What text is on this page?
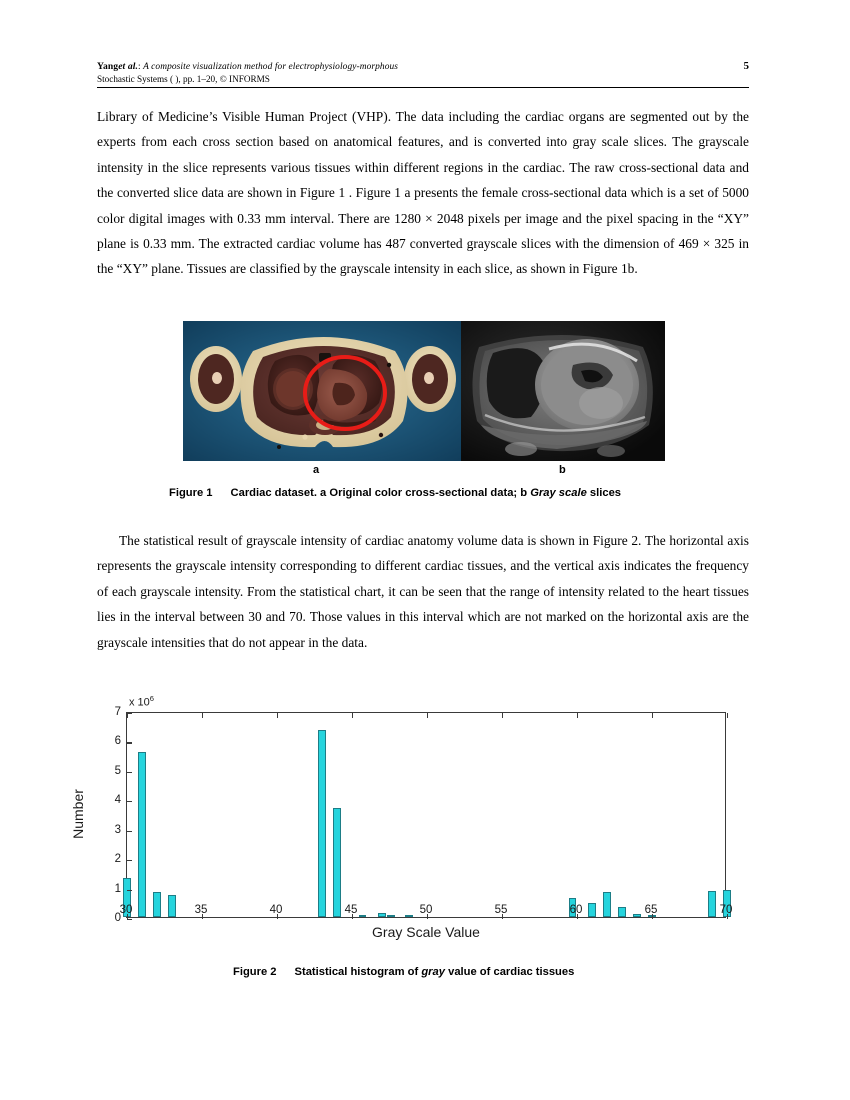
Yanget al.: A composite visualization method for electrophysiology-morphous
Stochastic Systems ( ), pp. 1–20, © INFORMS
5
Library of Medicine’s Visible Human Project (VHP). The data including the cardiac organs are segmented out by the experts from each cross section based on anatomical features, and is converted into gray scale slices. The grayscale intensity in the slice represents various tissues within different regions in the cardiac. The raw cross-sectional data and the converted slice data are shown in Figure 1 . Figure 1 a presents the female cross-sectional data which is a set of 5000 color digital images with 0.33 mm interval. There are 1280 × 2048 pixels per image and the pixel spacing in the “XY” plane is 0.33 mm. The extracted cardiac volume has 487 converted grayscale slices with the dimension of 469 × 325 in the “XY” plane. Tissues are classified by the grayscale intensity in each slice, as shown in Figure 1b.
a	b
Figure 1 Cardiac dataset. a Original color cross-sectional data; b Gray scale slices
The statistical result of grayscale intensity of cardiac anatomy volume data is shown in Figure 2. The horizontal axis represents the grayscale intensity corresponding to different cardiac tissues, and the vertical axis indicates the frequency of each grayscale intensity. From the statistical chart, it can be seen that the range of intensity related to the heart tissues lies in the interval between 30 and 70. Those values in this interval which are not marked on the horizontal axis are the grayscale intensities that do not appear in the data.
x $10^6$
Number
Gray Scale Value
0
1
2
3
4
5
6
7
30	35	40	45	50	55	60	65	70
Figure 2 Statistical histogram of gray value of cardiac tissues
